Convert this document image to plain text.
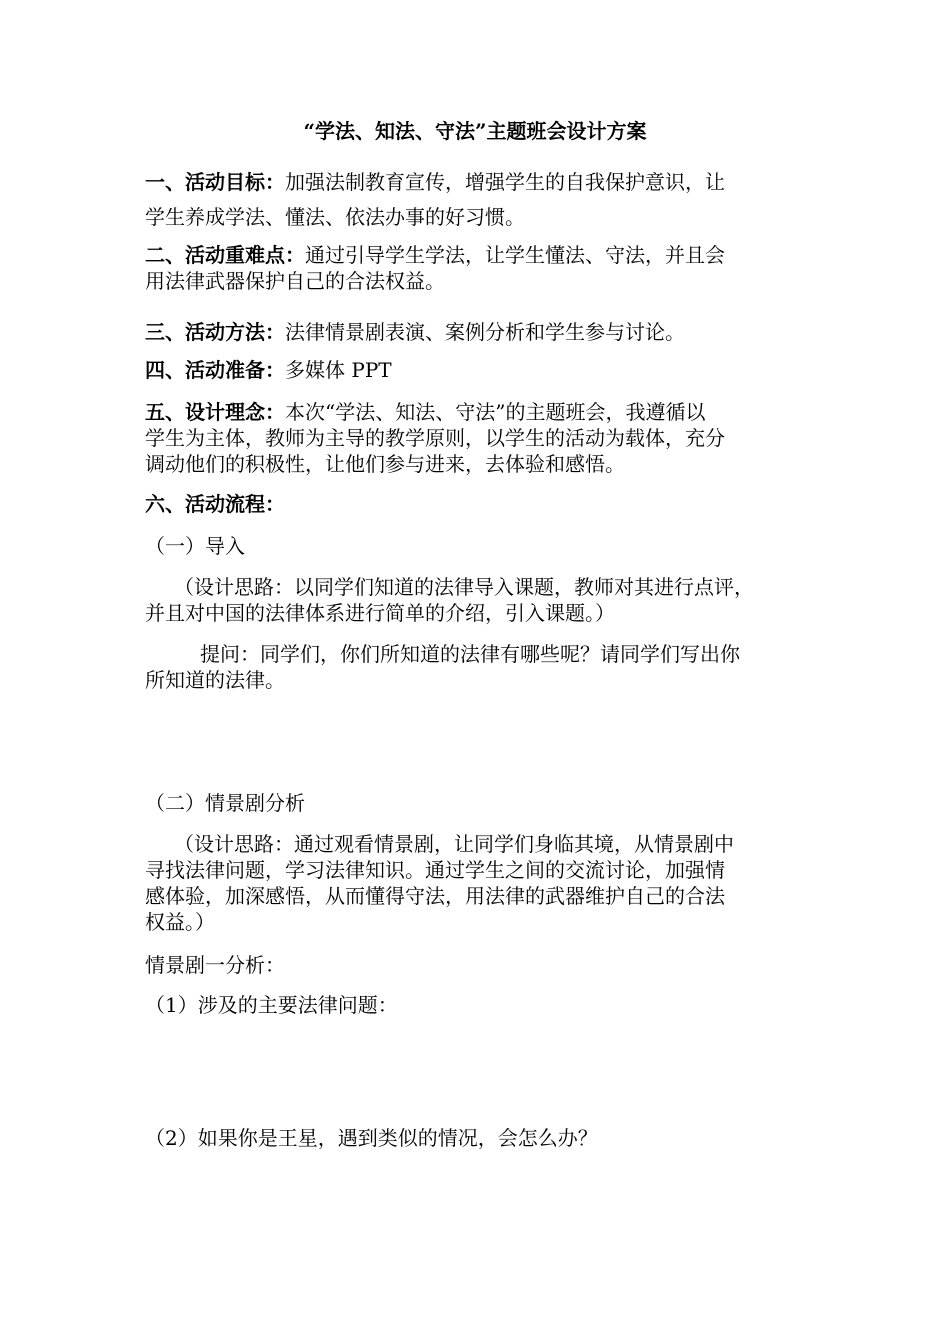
“学法、知法、守法”主题班会设计方案
一、活动目标：加强法制教育宣传，增强学生的自我保护意识，让
学生养成学法、懂法、依法办事的好习惯。
二、活动重难点：通过引导学生学法，让学生懂法、守法，并且会
用法律武器保护自己的合法权益。
三、活动方法：法律情景剧表演、案例分析和学生参与讨论。
四、活动准备：多媒体 PPT
五、设计理念：本次“学法、知法、守法”的主题班会，我遵循以
学生为主体，教师为主导的教学原则，以学生的活动为载体，充分
调动他们的积极性，让他们参与进来，去体验和感悟。
六、活动流程：
（一）导入
（设计思路：以同学们知道的法律导入课题，教师对其进行点评，
并且对中国的法律体系进行简单的介绍，引入课题。）
提问：同学们，你们所知道的法律有哪些呢？请同学们写出你
所知道的法律。
（二）情景剧分析
（设计思路：通过观看情景剧，让同学们身临其境，从情景剧中
寻找法律问题，学习法律知识。通过学生之间的交流讨论，加强情
感体验，加深感悟，从而懂得守法，用法律的武器维护自己的合法
权益。）
情景剧一分析：
（1）涉及的主要法律问题：
（2）如果你是王星，遇到类似的情况，会怎么办？
